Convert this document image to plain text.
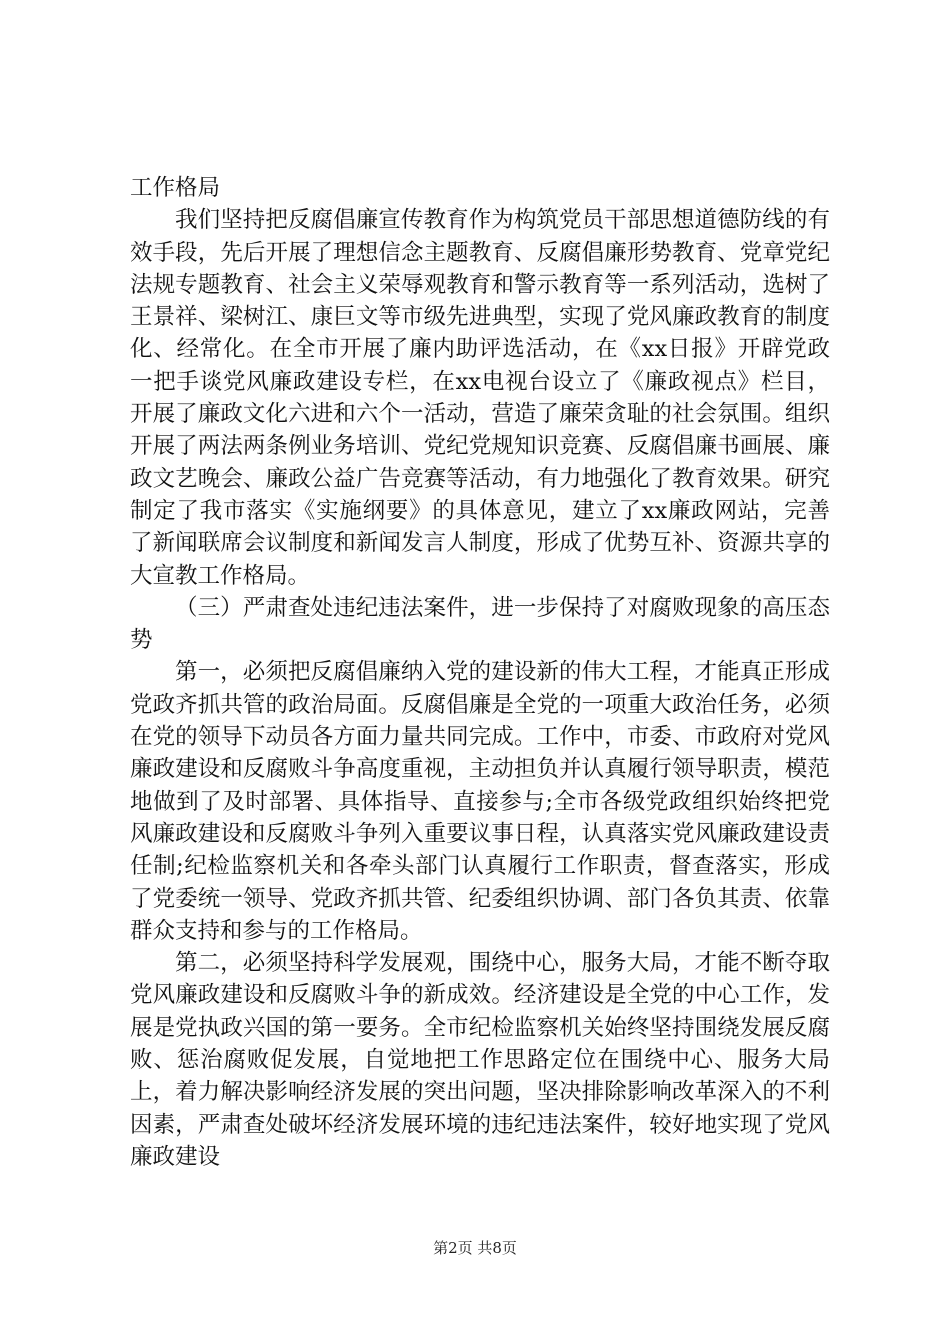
工作格局

我们坚持把反腐倡廉宣传教育作为构筑党员干部思想道德防线的有效手段，先后开展了理想信念主题教育、反腐倡廉形势教育、党章党纪法规专题教育、社会主义荣辱观教育和警示教育等一系列活动，选树了王景祥、梁树江、康巨文等市级先进典型，实现了党风廉政教育的制度化、经常化。在全市开展了廉内助评选活动，在《xx日报》开辟党政一把手谈党风廉政建设专栏，在xx电视台设立了《廉政视点》栏目，开展了廉政文化六进和六个一活动，营造了廉荣贪耻的社会氛围。组织开展了两法两条例业务培训、党纪党规知识竞赛、反腐倡廉书画展、廉政文艺晚会、廉政公益广告竞赛等活动，有力地强化了教育效果。研究制定了我市落实《实施纲要》的具体意见，建立了xx廉政网站，完善了新闻联席会议制度和新闻发言人制度，形成了优势互补、资源共享的大宣教工作格局。

（三）严肃查处违纪违法案件，进一步保持了对腐败现象的高压态势

第一，必须把反腐倡廉纳入党的建设新的伟大工程，才能真正形成党政齐抓共管的政治局面。反腐倡廉是全党的一项重大政治任务，必须在党的领导下动员各方面力量共同完成。工作中，市委、市政府对党风廉政建设和反腐败斗争高度重视，主动担负并认真履行领导职责，模范地做到了及时部署、具体指导、直接参与;全市各级党政组织始终把党风廉政建设和反腐败斗争列入重要议事日程，认真落实党风廉政建设责任制;纪检监察机关和各牵头部门认真履行工作职责，督查落实，形成了党委统一领导、党政齐抓共管、纪委组织协调、部门各负其责、依靠群众支持和参与的工作格局。

第二，必须坚持科学发展观，围绕中心，服务大局，才能不断夺取党风廉政建设和反腐败斗争的新成效。经济建设是全党的中心工作，发展是党执政兴国的第一要务。全市纪检监察机关始终坚持围绕发展反腐败、惩治腐败促发展，自觉地把工作思路定位在围绕中心、服务大局上，着力解决影响经济发展的突出问题，坚决排除影响改革深入的不利因素，严肃查处破坏经济发展环境的违纪违法案件，较好地实现了党风廉政建设

第2页 共8页
